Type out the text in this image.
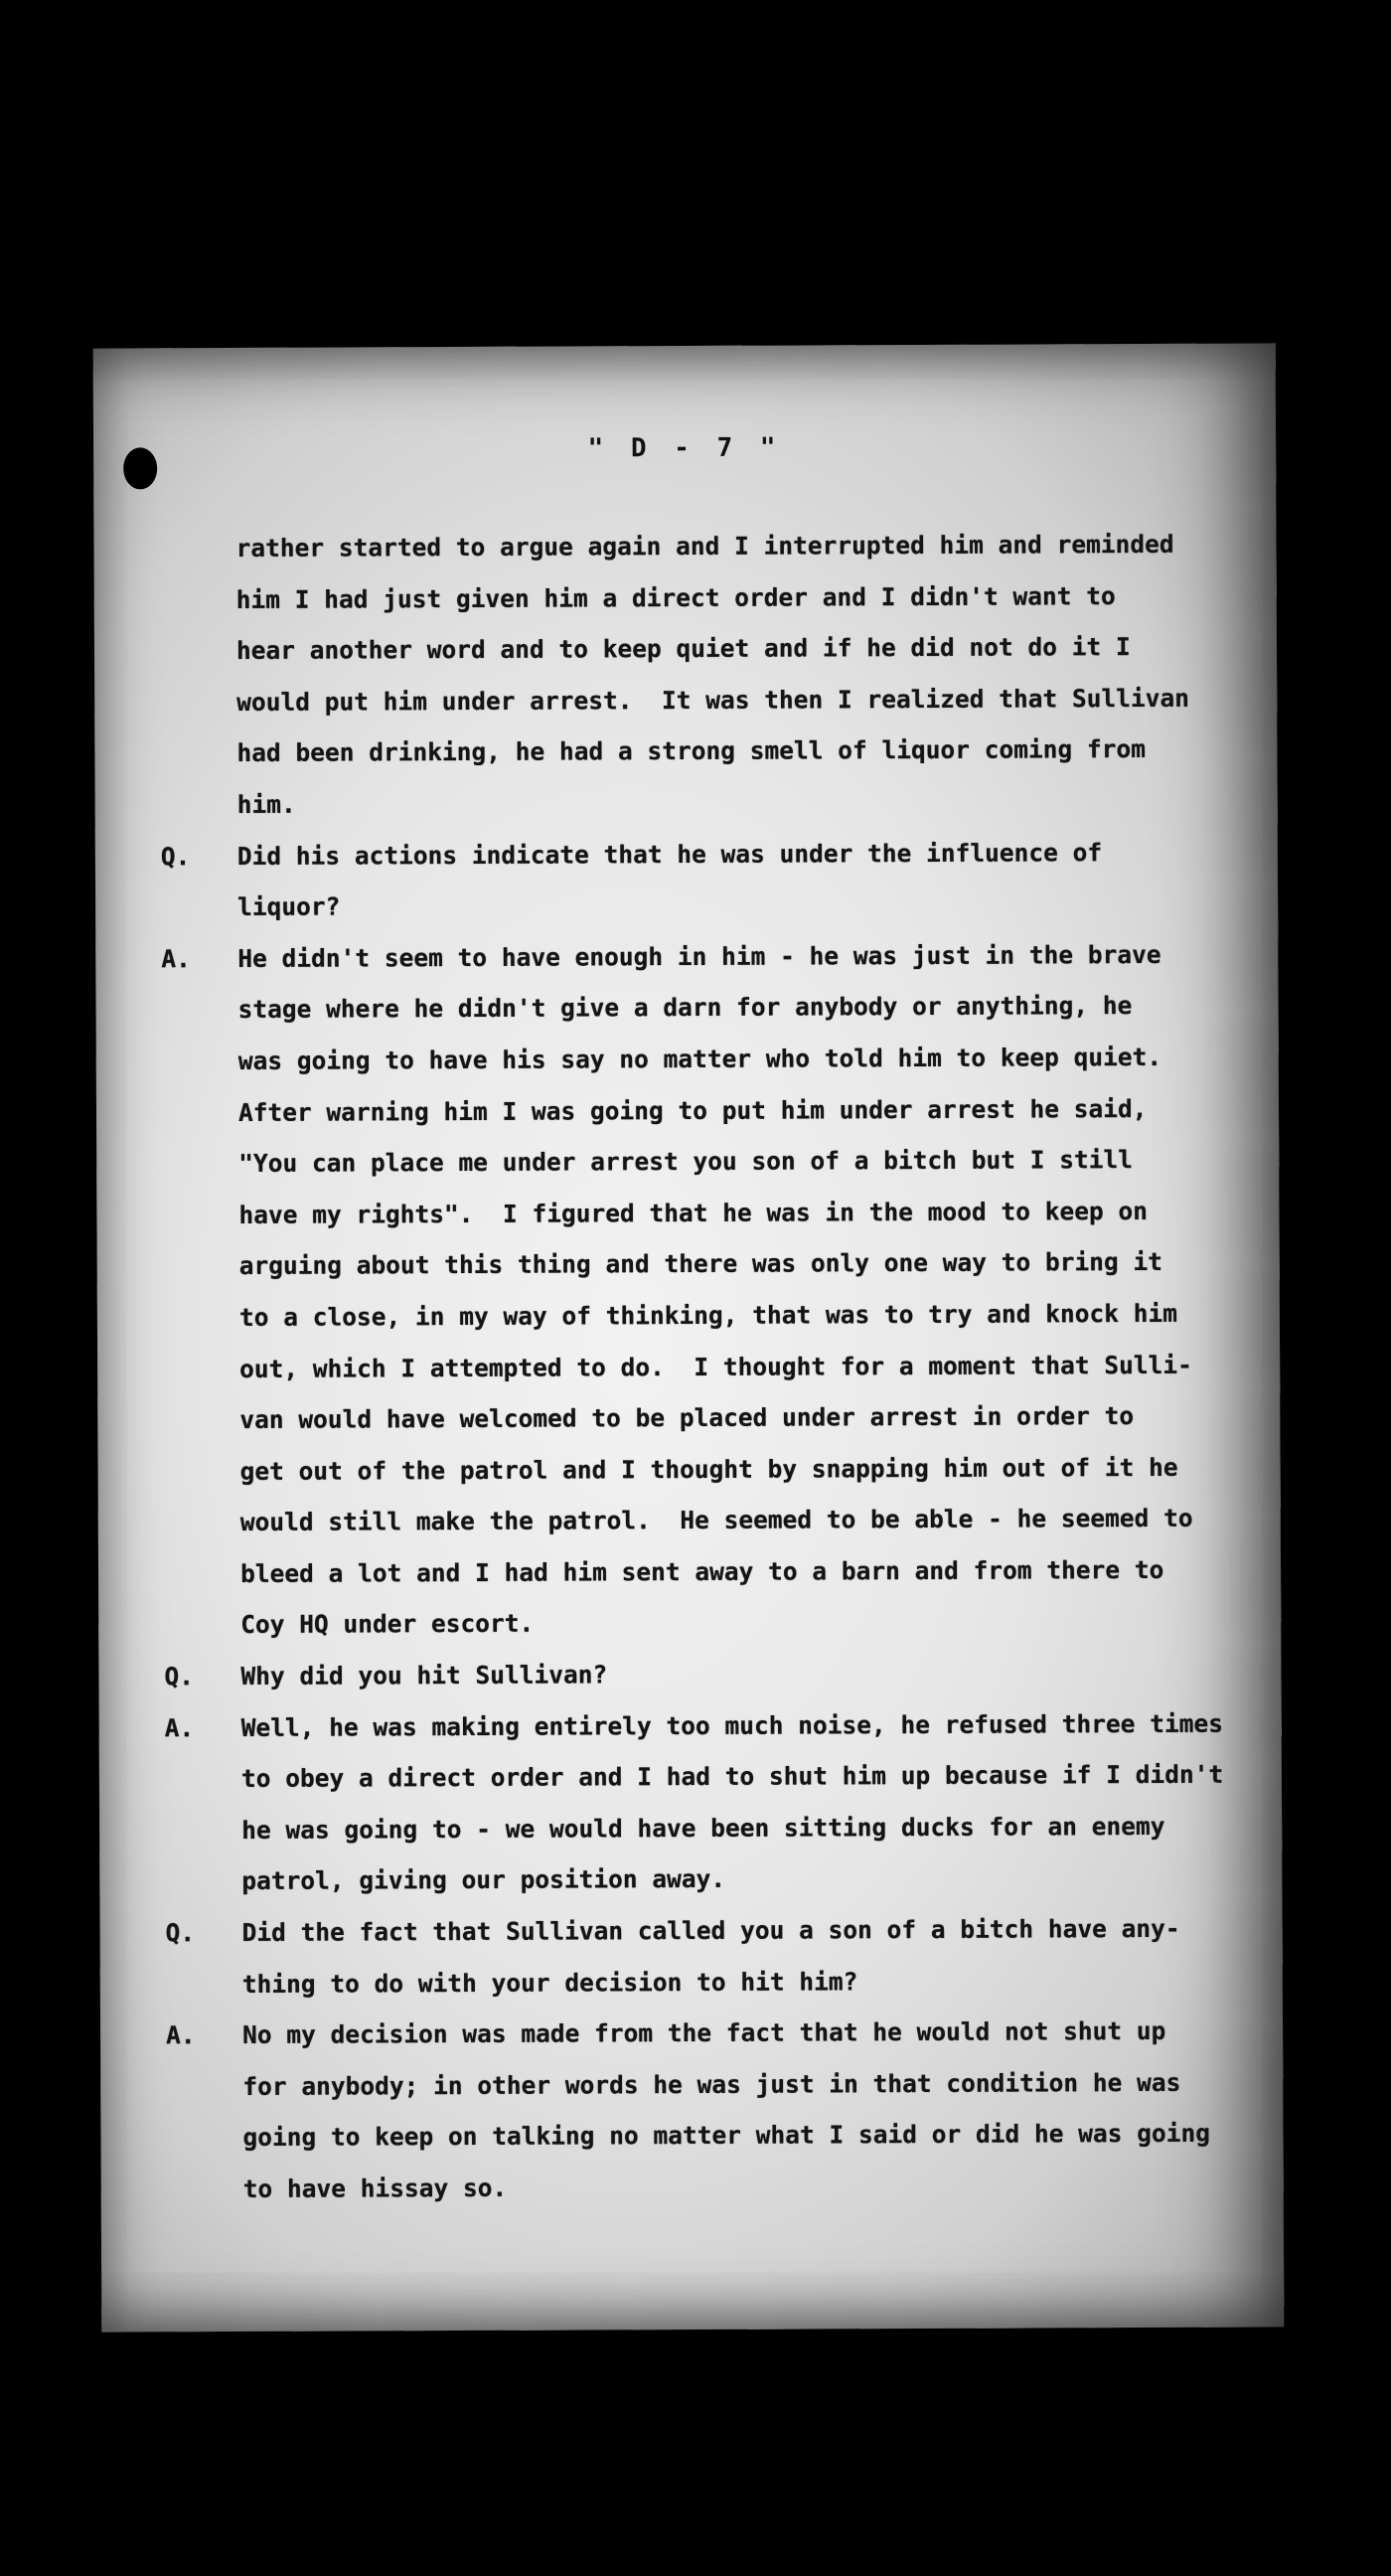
" D - 7 "
rather started to argue again and I interrupted him and reminded
him I had just given him a direct order and I didn't want to
hear another word and to keep quiet and if he did not do it I
would put him under arrest.  It was then I realized that Sullivan
had been drinking, he had a strong smell of liquor coming from
him.
Q.	Did his actions indicate that he was under the influence of
liquor?
A.	He didn't seem to have enough in him - he was just in the brave
stage where he didn't give a darn for anybody or anything, he
was going to have his say no matter who told him to keep quiet.
After warning him I was going to put him under arrest he said,
"You can place me under arrest you son of a bitch but I still
have my rights".  I figured that he was in the mood to keep on
arguing about this thing and there was only one way to bring it
to a close, in my way of thinking, that was to try and knock him
out, which I attempted to do.  I thought for a moment that Sulli-
van would have welcomed to be placed under arrest in order to
get out of the patrol and I thought by snapping him out of it he
would still make the patrol.  He seemed to be able - he seemed to
bleed a lot and I had him sent away to a barn and from there to
Coy HQ under escort.
Q.	Why did you hit Sullivan?
A.	Well, he was making entirely too much noise, he refused three times
to obey a direct order and I had to shut him up because if I didn't
he was going to - we would have been sitting ducks for an enemy
patrol, giving our position away.
Q.	Did the fact that Sullivan called you a son of a bitch have any-
thing to do with your decision to hit him?
A.	No my decision was made from the fact that he would not shut up
for anybody; in other words he was just in that condition he was
going to keep on talking no matter what I said or did he was going
to have hissay so.
